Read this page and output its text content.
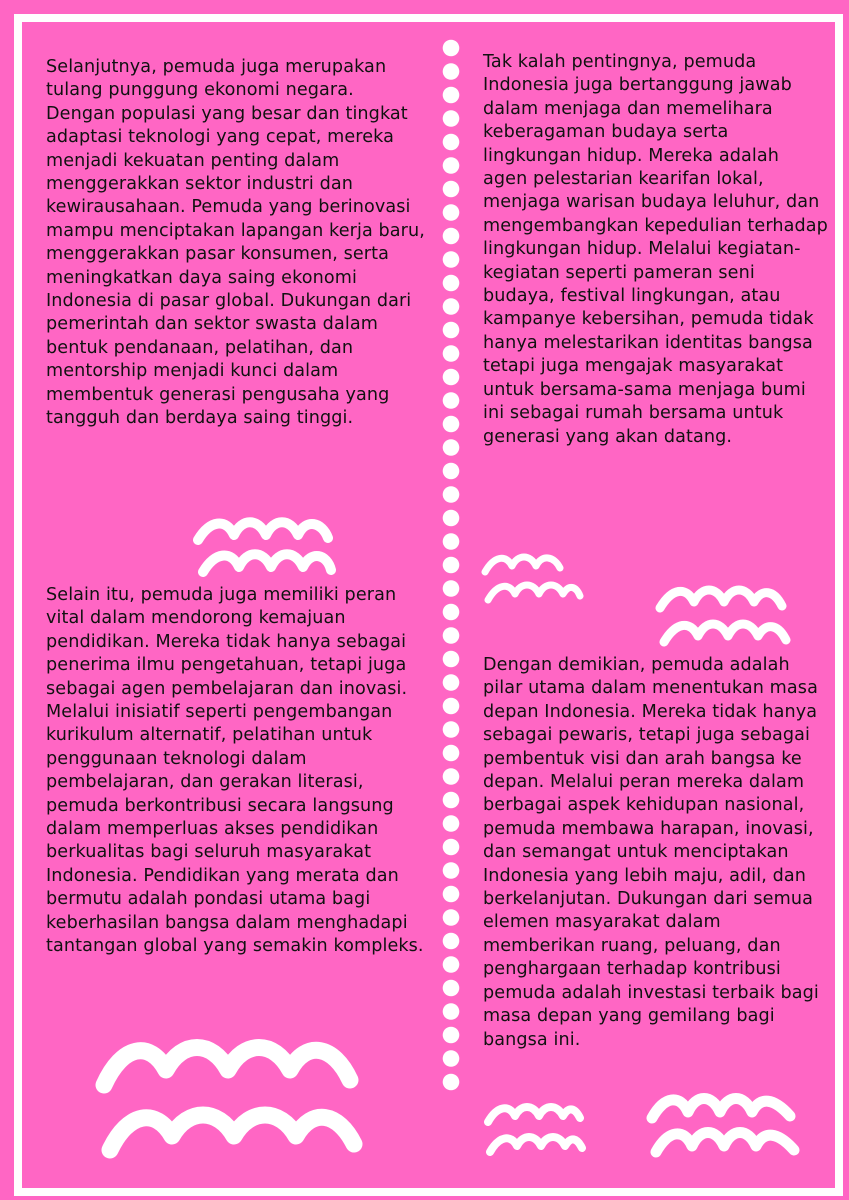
Selanjutnya, pemuda juga merupakan tulang punggung ekonomi negara. Dengan populasi yang besar dan tingkat adaptasi teknologi yang cepat, mereka menjadi kekuatan penting dalam menggerakkan sektor industri dan kewirausahaan. Pemuda yang berinovasi mampu menciptakan lapangan kerja baru, menggerakkan pasar konsumen, serta meningkatkan daya saing ekonomi Indonesia di pasar global. Dukungan dari pemerintah dan sektor swasta dalam bentuk pendanaan, pelatihan, dan mentorship menjadi kunci dalam membentuk generasi pengusaha yang tangguh dan berdaya saing tinggi.

Tak kalah pentingnya, pemuda Indonesia juga bertanggung jawab dalam menjaga dan memelihara keberagaman budaya serta lingkungan hidup. Mereka adalah agen pelestarian kearifan lokal, menjaga warisan budaya leluhur, dan mengembangkan kepedulian terhadap lingkungan hidup. Melalui kegiatan-kegiatan seperti pameran seni budaya, festival lingkungan, atau kampanye kebersihan, pemuda tidak hanya melestarikan identitas bangsa tetapi juga mengajak masyarakat untuk bersama-sama menjaga bumi ini sebagai rumah bersama untuk generasi yang akan datang.

Selain itu, pemuda juga memiliki peran vital dalam mendorong kemajuan pendidikan. Mereka tidak hanya sebagai penerima ilmu pengetahuan, tetapi juga sebagai agen pembelajaran dan inovasi. Melalui inisiatif seperti pengembangan kurikulum alternatif, pelatihan untuk penggunaan teknologi dalam pembelajaran, dan gerakan literasi, pemuda berkontribusi secara langsung dalam memperluas akses pendidikan berkualitas bagi seluruh masyarakat Indonesia. Pendidikan yang merata dan bermutu adalah pondasi utama bagi keberhasilan bangsa dalam menghadapi tantangan global yang semakin kompleks.

Dengan demikian, pemuda adalah pilar utama dalam menentukan masa depan Indonesia. Mereka tidak hanya sebagai pewaris, tetapi juga sebagai pembentuk visi dan arah bangsa ke depan. Melalui peran mereka dalam berbagai aspek kehidupan nasional, pemuda membawa harapan, inovasi, dan semangat untuk menciptakan Indonesia yang lebih maju, adil, dan berkelanjutan. Dukungan dari semua elemen masyarakat dalam memberikan ruang, peluang, dan penghargaan terhadap kontribusi pemuda adalah investasi terbaik bagi masa depan yang gemilang bagi bangsa ini.
